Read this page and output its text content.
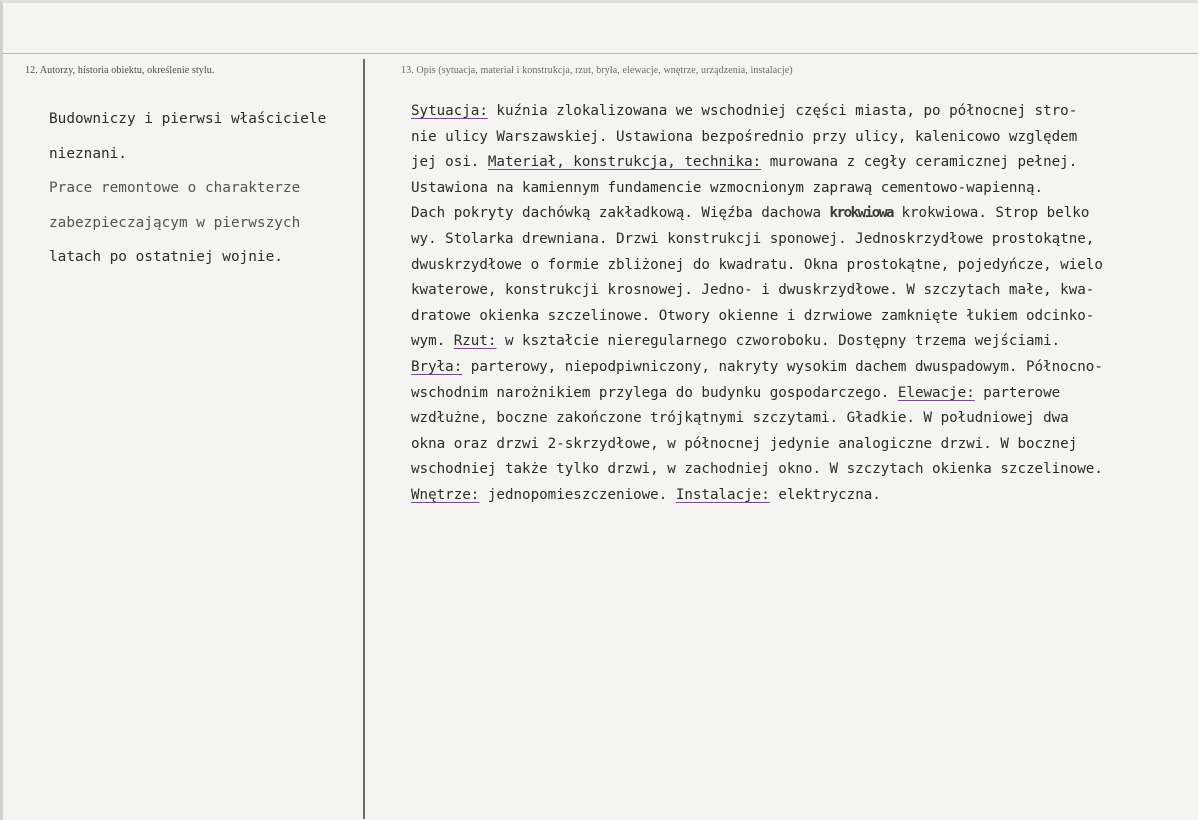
12. Autorzy, historia obiektu, określenie stylu.	13. Opis (sytuacja, materiał i konstrukcja, rzut, bryła, elewacje, wnętrze, urządzenia, instalacje)
Budowniczy i pierwsi właściciele
nieznani.
Prace remontowe o charakterze
zabezpieczającym w pierwszych
latach po ostatniej wojnie.
Sytuacja: kuźnia zlokalizowana we wschodniej części miasta, po północnej stro-
nie ulicy Warszawskiej. Ustawiona bezpośrednio przy ulicy, kalenicowo względem
jej osi. Materiał, konstrukcja, technika: murowana z cegły ceramicznej pełnej.
Ustawiona na kamiennym fundamencie wzmocnionym zaprawą cementowo-wapienną.
Dach pokryty dachówką zakładkową. Więźba dachowa krokwiowa krokwiowa. Strop belko
wy. Stolarka drewniana. Drzwi konstrukcji sponowej. Jednoskrzydłowe prostokątne,
dwuskrzydłowe o formie zbliżonej do kwadratu. Okna prostokątne, pojedyńcze, wielo
kwaterowe, konstrukcji krosnowej. Jedno- i dwuskrzydłowe. W szczytach małe, kwa-
dratowe okienka szczelinowe. Otwory okienne i dzrwiowe zamknięte łukiem odcinko-
wym. Rzut: w kształcie nieregularnego czworoboku. Dostępny trzema wejściami.
Bryła: parterowy, niepodpiwniczony, nakryty wysokim dachem dwuspadowym. Północno-
wschodnim narożnikiem przylega do budynku gospodarczego. Elewacje: parterowe
wzdłużne, boczne zakończone trójkątnymi szczytami. Gładkie. W południowej dwa
okna oraz drzwi 2-skrzydłowe, w północnej jedynie analogiczne drzwi. W bocznej
wschodniej także tylko drzwi, w zachodniej okno. W szczytach okienka szczelinowe.
Wnętrze: jednopomieszczeniowe. Instalacje: elektryczna.
